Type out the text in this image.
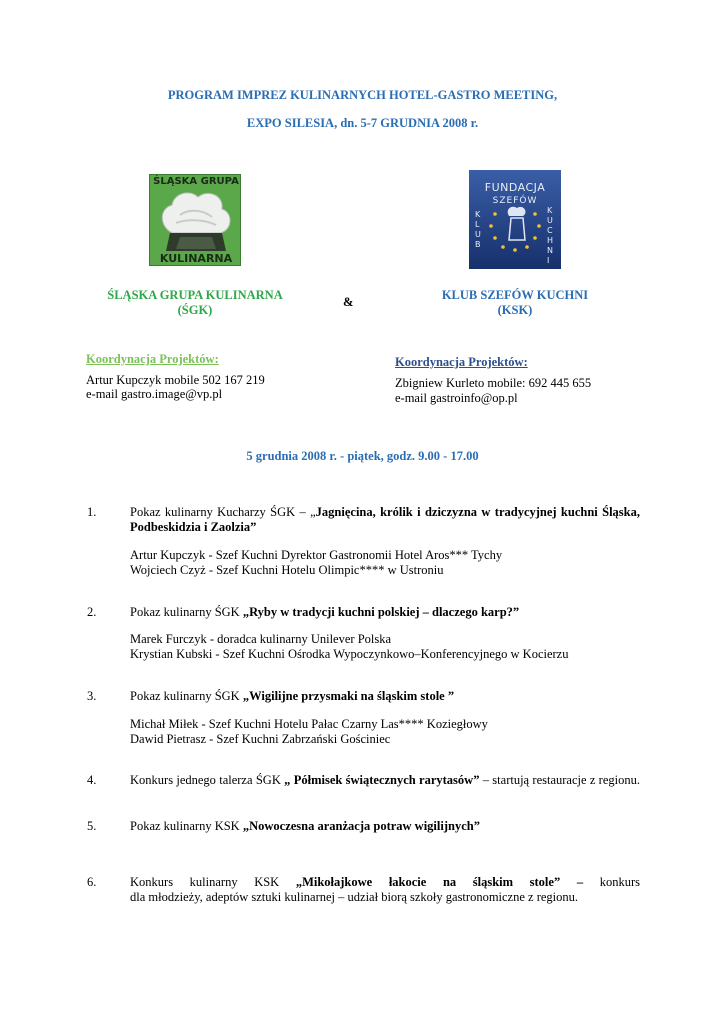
PROGRAM IMPREZ KULINARNYCH HOTEL-GASTRO MEETING,
EXPO SILESIA, dn. 5-7 GRUDNIA 2008 r.
ŚLĄSKA GRUPA
KULINARNA
FUNDACJA
SZEFÓW
KLUB
KUCHNI
ŚLĄSKA GRUPA KULINARNA
(ŚGK)
&	KLUB SZEFÓW KUCHNI
(KSK)
Koordynacja Projektów:
Artur Kupczyk mobile 502 167 219
e-mail gastro.image@vp.pl
Koordynacja Projektów:
Zbigniew Kurleto mobile: 692 445 655
e-mail gastroinfo@op.pl
5 grudnia 2008 r. - piątek, godz. 9.00 - 17.00
1.	Pokaz kulinarny Kucharzy ŚGK – „Jagnięcina, królik i dziczyzna w tradycyjnej kuchni Śląska,
Podbeskidzia i Zaolzia”
Artur Kupczyk - Szef Kuchni Dyrektor Gastronomii Hotel Aros*** Tychy
Wojciech Czyż - Szef Kuchni Hotelu Olimpic**** w Ustroniu
2.	Pokaz kulinarny ŚGK „Ryby w tradycji kuchni polskiej – dlaczego karp?”
Marek Furczyk - doradca kulinarny Unilever Polska
Krystian Kubski - Szef Kuchni Ośrodka Wypoczynkowo–Konferencyjnego w Kocierzu
3.	Pokaz kulinarny ŚGK „Wigilijne przysmaki na śląskim stole ”
Michał Miłek - Szef Kuchni Hotelu Pałac Czarny Las**** Koziegłowy
Dawid Pietrasz - Szef Kuchni Zabrzański Gościniec
4.	Konkurs jednego talerza ŚGK „ Półmisek świątecznych rarytasów” – startują restauracje z regionu.
5.	Pokaz kulinarny KSK „Nowoczesna aranżacja potraw wigilijnych”
6.	Konkurs kulinarny KSK „Mikołajkowe łakocie na śląskim stole” – konkurs
dla młodzieży, adeptów sztuki kulinarnej – udział biorą szkoły gastronomiczne z regionu.
